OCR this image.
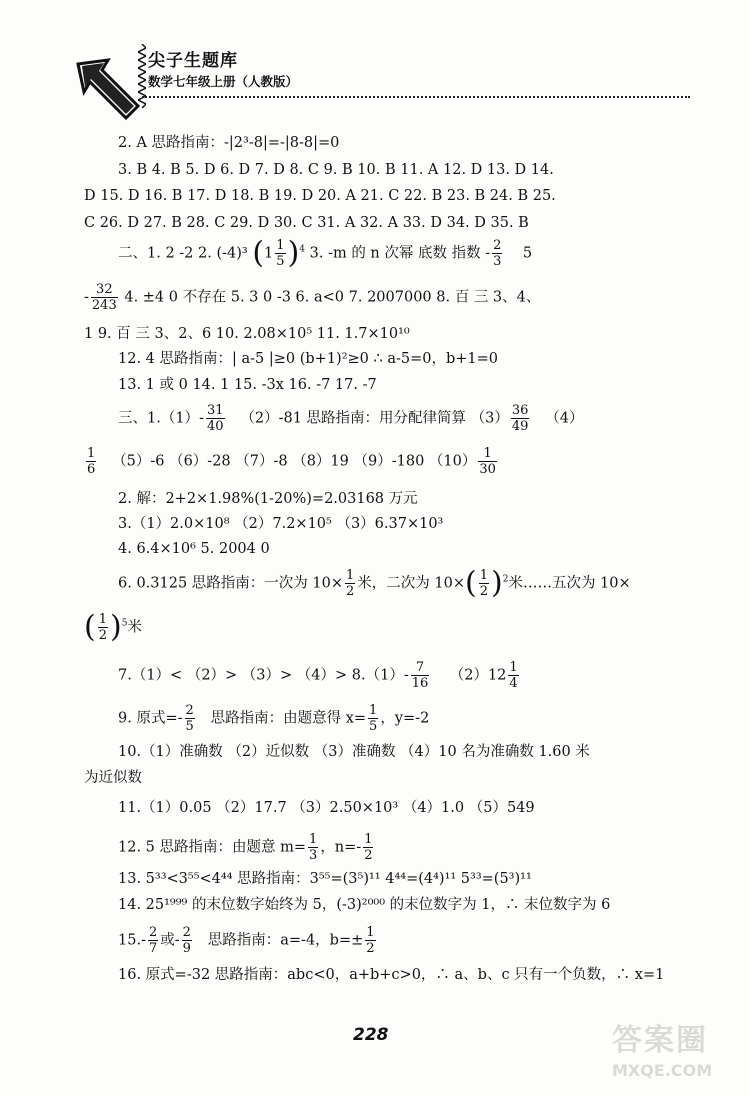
尖子生题库
数学七年级上册（人教版）
2. A 思路指南：-|2³-8|=-|8-8|=0
3. B 4. B 5. D 6. D 7. D 8. C 9. B 10. B 11. A 12. D 13. D 14.
D 15. D 16. B 17. D 18. B 19. D 20. A 21. C 22. B 23. B 24. B 25.
C 26. D 27. B 28. C 29. D 30. C 31. A 32. A 33. D 34. D 35. B
二、1. 2 -2 2. (-4)³ $(1 \frac{1}{5} )^4$ 3. -m 的 n 次幂 底数 指数 - $\frac{2}{3} 5$
- $\frac{32}{243} 4$. ±4 0 不存在 5. 3 0 -3 6. a<0 7. 2007000 8. 百 三 3、4、
1 9. 百 三 3、2、6 10. 2.08×10⁵ 11. 1.7×10¹⁰
12. 4 思路指南：| a-5 |≥0 (b+1)²≥0 ∴ a-5=0，b+1=0
13. 1 或 0 14. 1 15. -3x 16. -7 17. -7
三、$1.(1)- \frac{31}{40} (2)-81$ 思路指南：用分配律简算 $(3) \frac{36}{49} (4)$
$\frac{1}{6} (5)-6$ （6）-28 （7）-8 （8）19 （9）-180 $(10) \frac{1}{30}$
2. 解：2+2×1.98%(1-20%)=2.03168 万元
3.（1）2.0×10⁸ （2）7.2×10⁵ （3）6.37×10³
4. 6.4×10⁶ 5. 2004 0
6. 0.3125 思路指南：一次为 $10\times \frac{1}{2}$ 米，二次为 $10\times( \frac{1}{2} )^2$米……五次为 10×
( $\frac{1}{2} )^5$米
$7.(1)< (2)> (3)> (4)> 8.(1)- \frac{7}{16} (2)12 \frac{1}{4}$
9. 原式=- $\frac{2}{5}$ 思路指南：由题意得 $x= \frac{1}{5}$ ，y=-2
10.（1）准确数 （2）近似数 （3）准确数 （4）10 名为准确数 1.60 米
为近似数
11.（1）0.05 （2）17.7 （3）2.50×10³ （4）1.0 （5）549
12. 5 思路指南：由题意 $m= \frac{1}{3}$ ，$n=- \frac{1}{2}$
13. 5³³<3⁵⁵<4⁴⁴ 思路指南：3⁵⁵=(3⁵)¹¹ 4⁴⁴=(4⁴)¹¹ 5³³=(5³)¹¹
14. 25¹⁹⁹⁹ 的末位数字始终为 5，(-3)²⁰⁰⁰ 的末位数字为 1，∴ 末位数字为 6
$15.- \frac{2}{7}$ 或- $\frac{2}{9}$ 思路指南：a=-4，$b=\pm \frac{1}{2}$
16. 原式=-32 思路指南：abc<0，a+b+c>0，∴ a、b、c 只有一个负数，∴ x=1
228	答案圈
MXQE.COM
